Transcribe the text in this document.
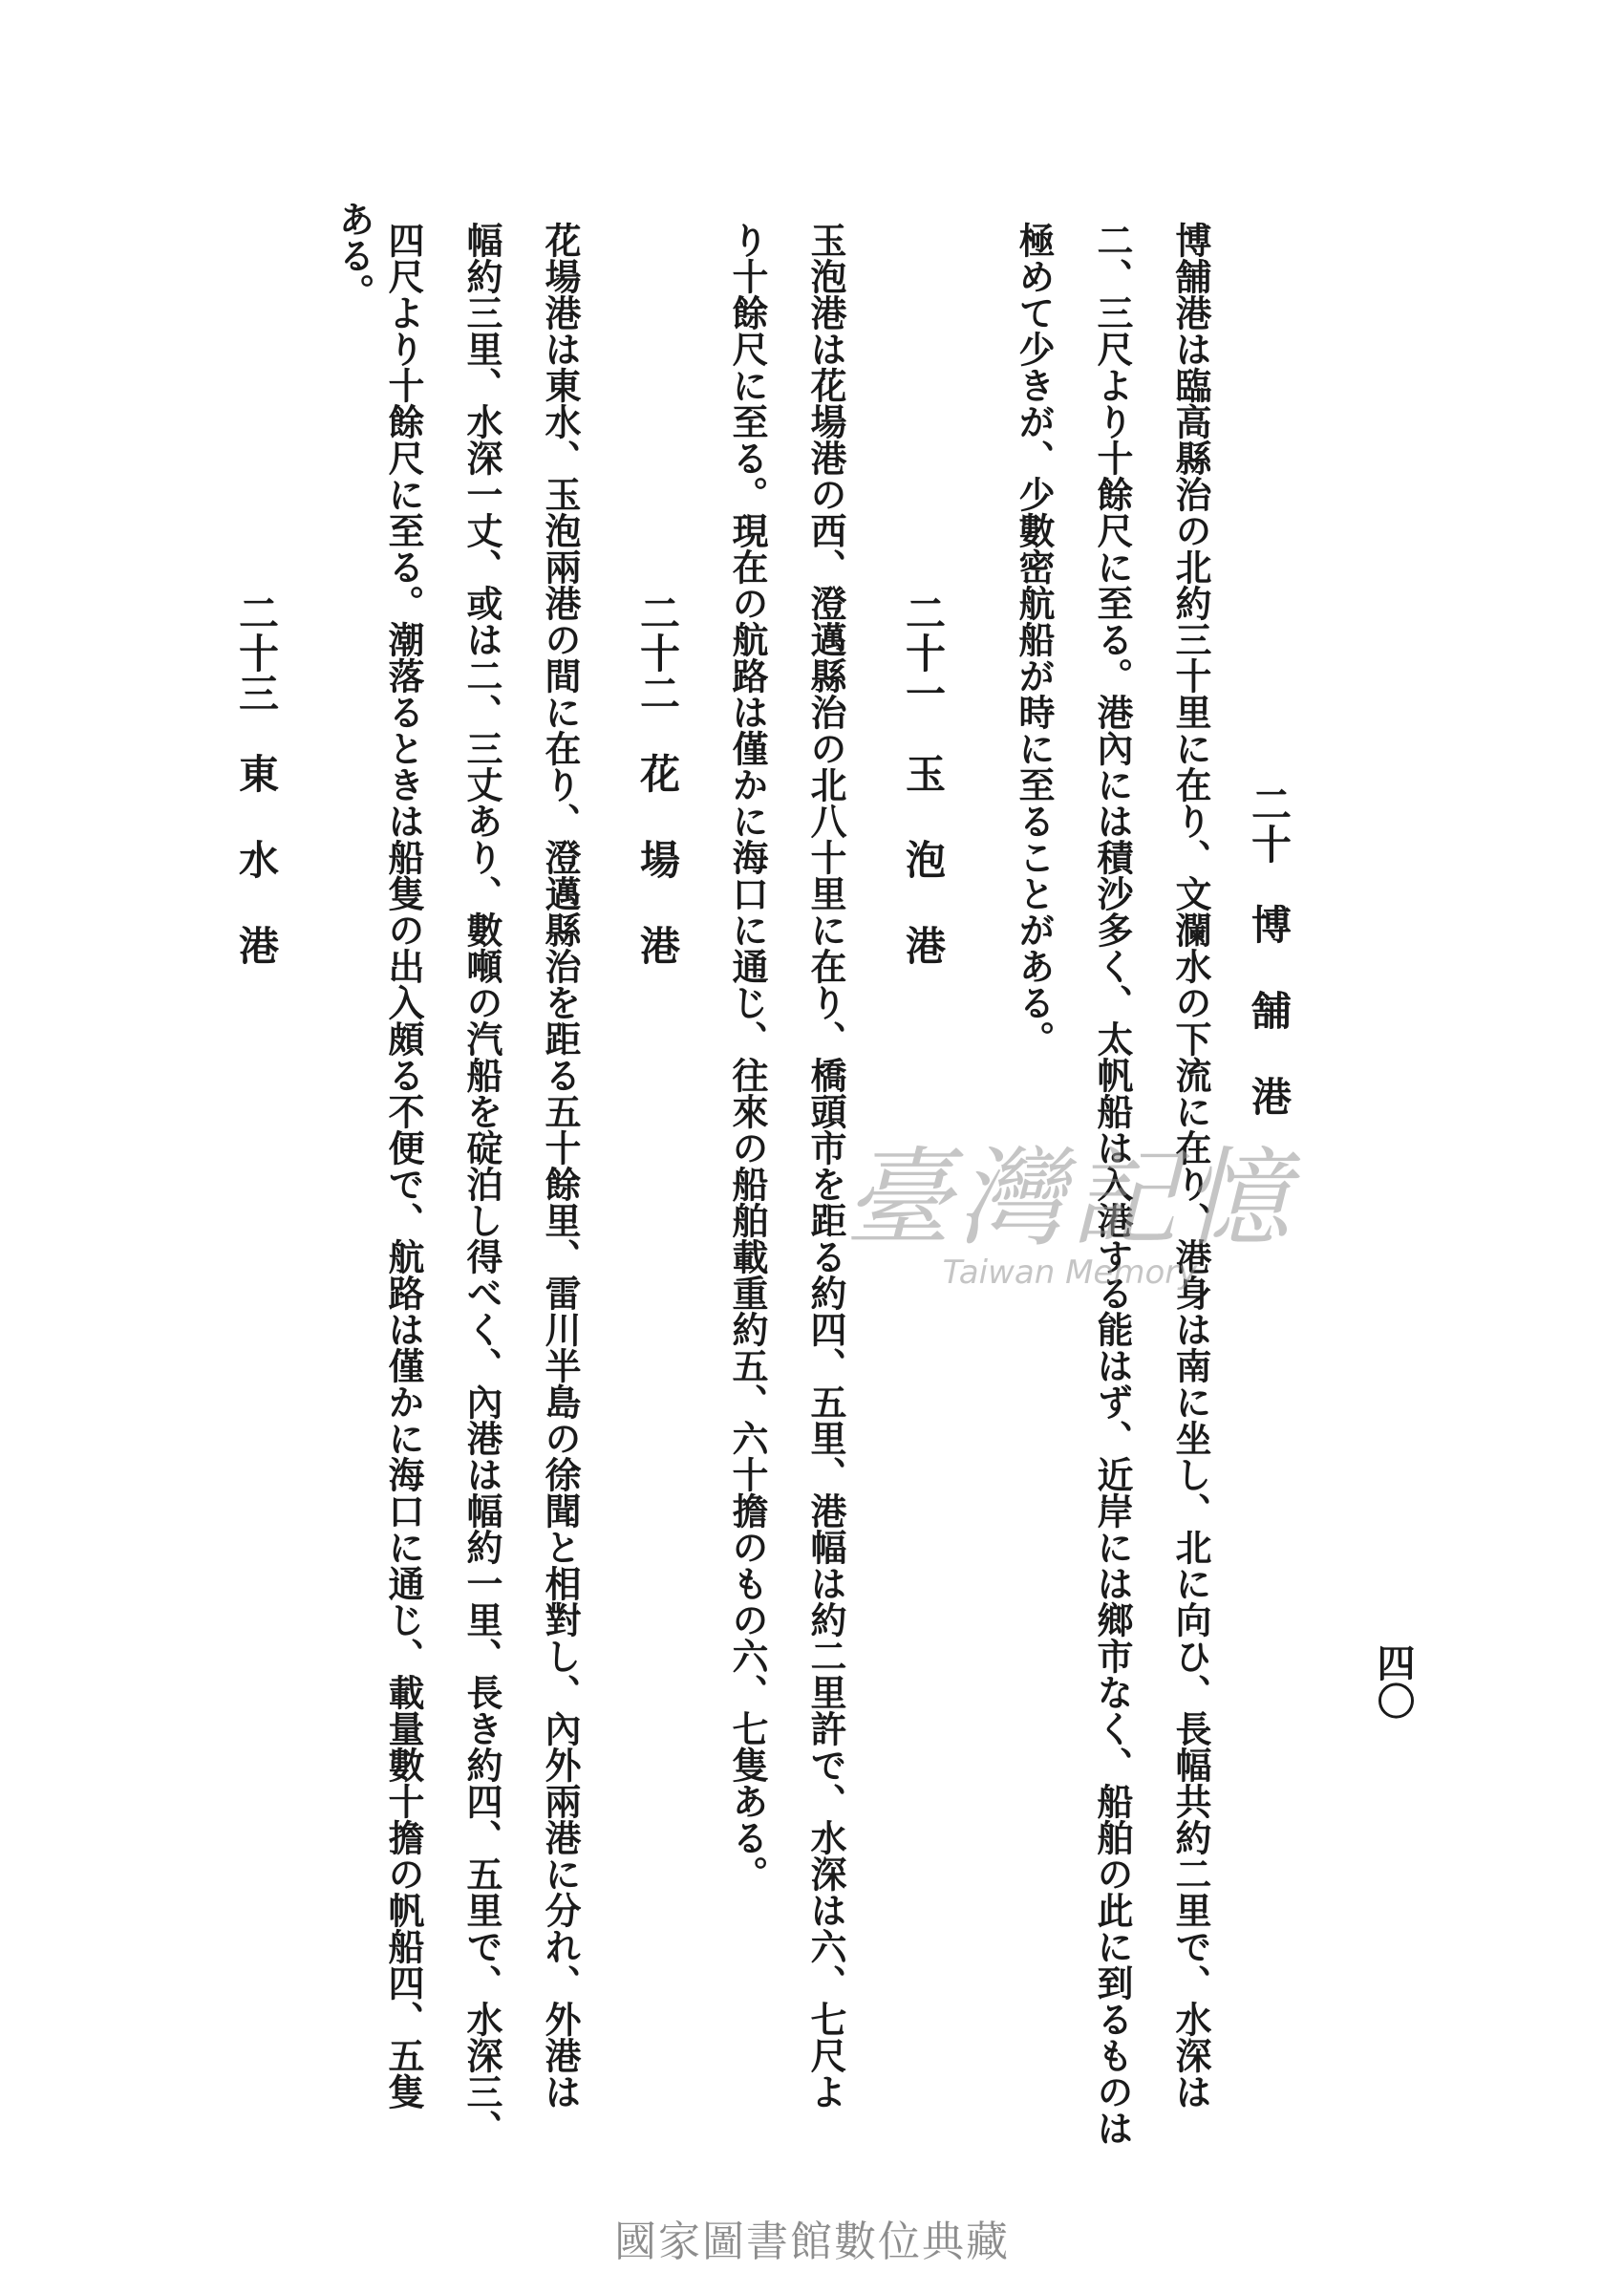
四〇
二十　博舗港
博舗港は臨高縣治の北約三十里に在り、文瀾水の下流に在り、港身は南に坐し、北に向ひ、長幅共約二里で、水深は
二、三尺より十餘尺に至る。港內には積沙多く、太帆船は入港する能はず、近岸には鄉市なく、船舶の此に到るものは
極めて少きが、少數密航船が時に至ることがある。
二十一　玉泡港
玉泡港は花場港の西、澄邁縣治の北八十里に在り、橋頭市を距る約四、五里、港幅は約二里許で、水深は六、七尺よ
り十餘尺に至る。現在の航路は僅かに海口に通じ、往來の船舶載重約五、六十擔のもの六、七隻ある。
二十二　花場港
花場港は東水、玉泡兩港の間に在り、澄邁縣治を距る五十餘里、雷川半島の徐聞と相對し、內外兩港に分れ、外港は
幅約三里、水深一丈、或は二、三丈あり、數噸の汽船を碇泊し得べく、內港は幅約一里、長き約四、五里で、水深三、
四尺より十餘尺に至る。潮落るときは船隻の出入頗る不便で、航路は僅かに海口に通じ、載量數十擔の帆船四、五隻
ある。
二十三　東水港
臺灣記憶
Taiwan Memory
國家圖書館數位典藏
